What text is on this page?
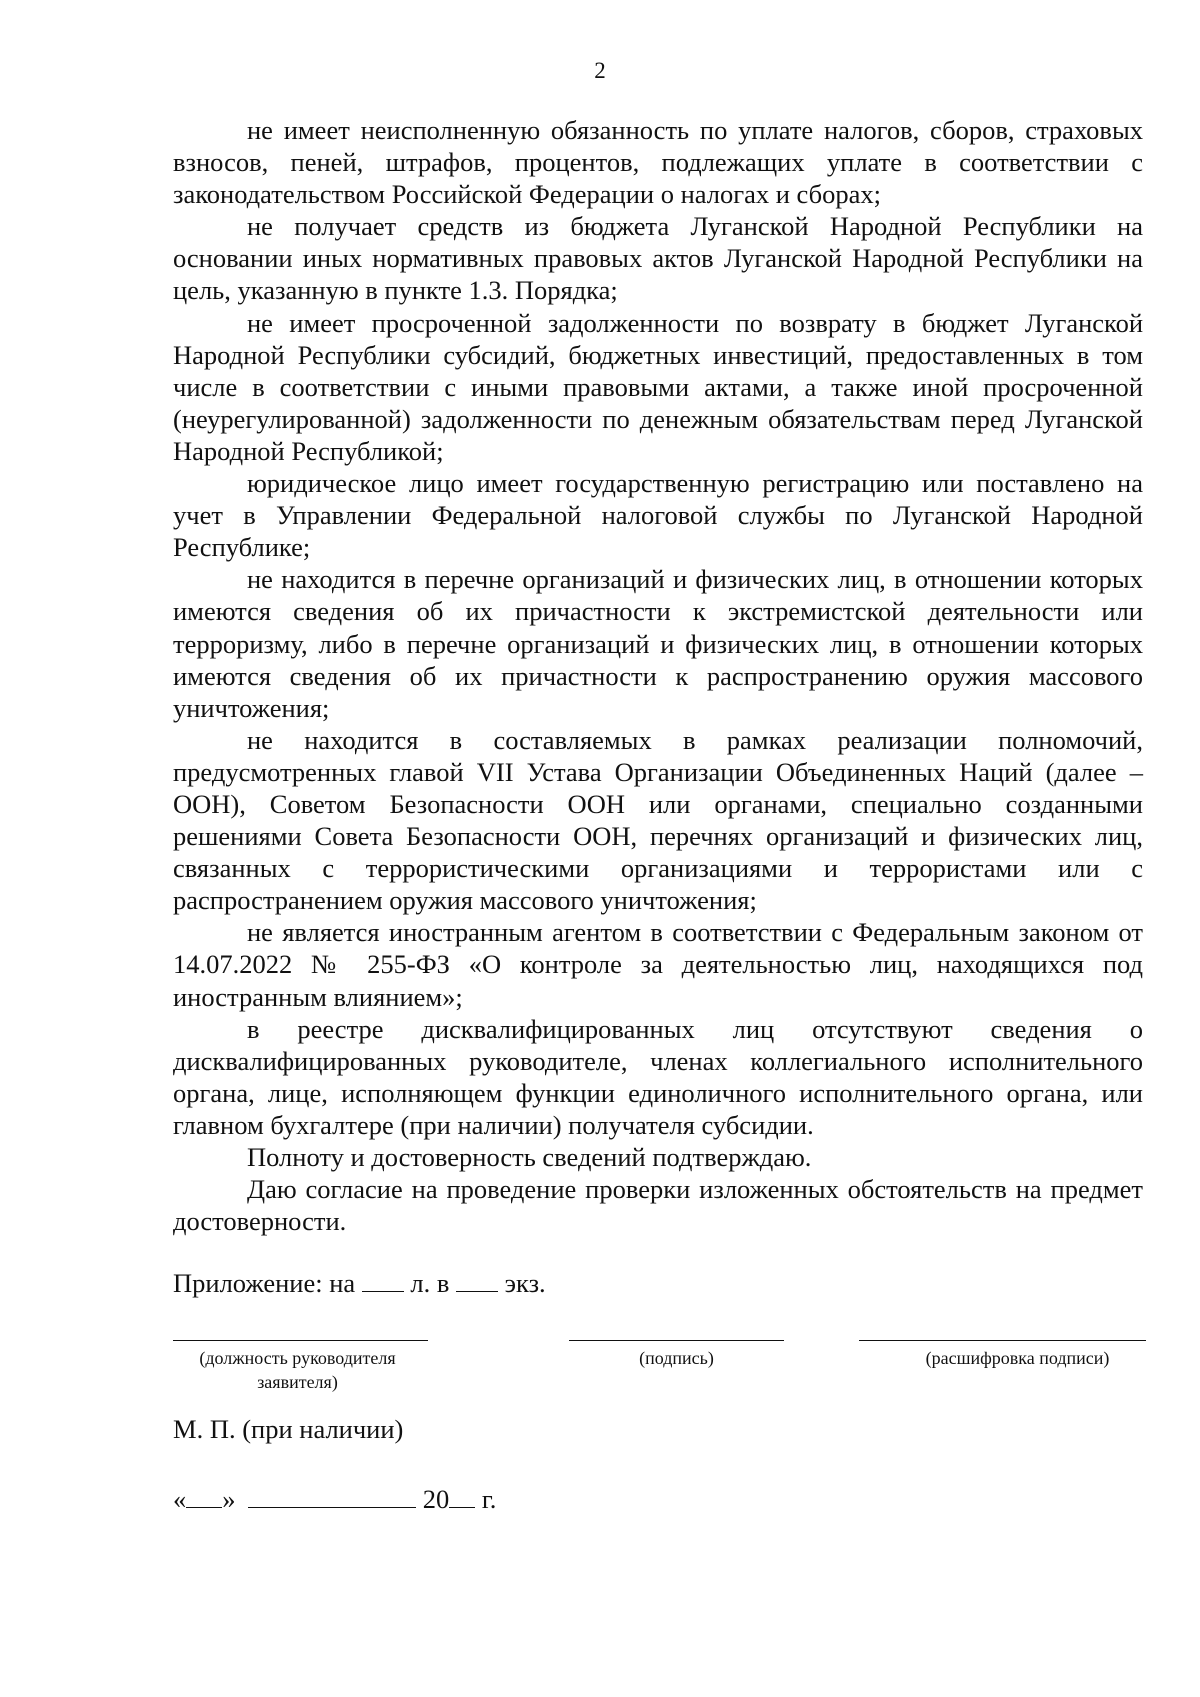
2

не имеет неисполненную обязанность по уплате налогов, сборов, страховых взносов, пеней, штрафов, процентов, подлежащих уплате в соответствии с законодательством Российской Федерации о налогах и сборах;

не получает средств из бюджета Луганской Народной Республики на основании иных нормативных правовых актов Луганской Народной Республики на цель, указанную в пункте 1.3. Порядка;

не имеет просроченной задолженности по возврату в бюджет Луганской Народной Республики субсидий, бюджетных инвестиций, предоставленных в том числе в соответствии с иными правовыми актами, а также иной просроченной (неурегулированной) задолженности по денежным обязательствам перед Луганской Народной Республикой;

юридическое лицо имеет государственную регистрацию или поставлено на учет в Управлении Федеральной налоговой службы по Луганской Народной Республике;

не находится в перечне организаций и физических лиц, в отношении которых имеются сведения об их причастности к экстремистской деятельности или терроризму, либо в перечне организаций и физических лиц, в отношении которых имеются сведения об их причастности к распространению оружия массового уничтожения;

не находится в составляемых в рамках реализации полномочий, предусмотренных главой VII Устава Организации Объединенных Наций (далее – ООН), Советом Безопасности ООН или органами, специально созданными решениями Совета Безопасности ООН, перечнях организаций и физических лиц, связанных с террористическими организациями и террористами или с распространением оружия массового уничтожения;

не является иностранным агентом в соответствии с Федеральным законом от 14.07.2022 № 255-ФЗ «О контроле за деятельностью лиц, находящихся под иностранным влиянием»;

в реестре дисквалифицированных лиц отсутствуют сведения о дисквалифицированных руководителе, членах коллегиального исполнительного органа, лице, исполняющем функции единоличного исполнительного органа, или главном бухгалтере (при наличии) получателя субсидии.

Полноту и достоверность сведений подтверждаю.

Даю согласие на проведение проверки изложенных обстоятельств на предмет достоверности.

Приложение: на л. в экз.
(должность руководителя заявителя)
(подпись)	(расшифровка подписи)
М. П. (при наличии)
« »	20 г.
